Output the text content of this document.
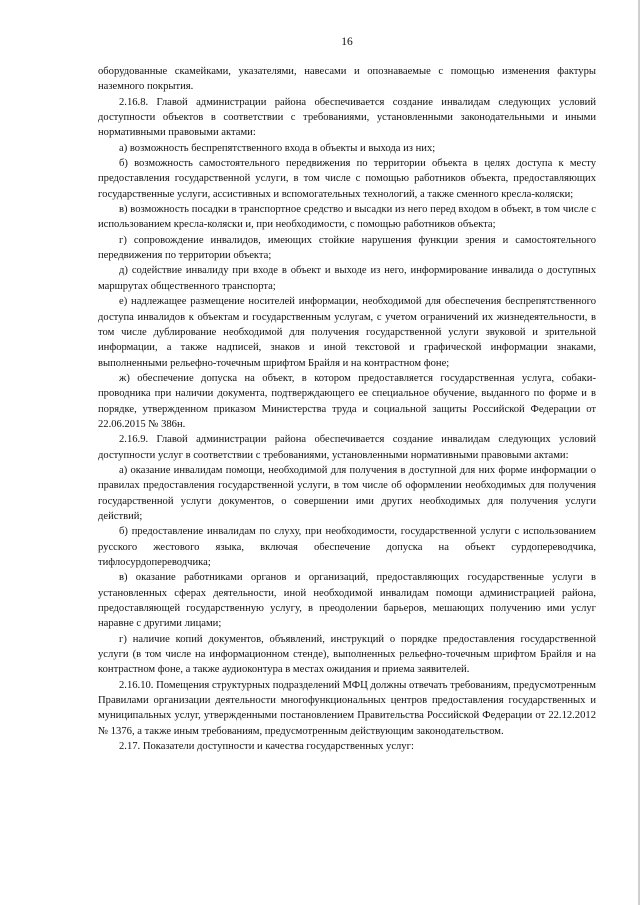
16

оборудованные скамейками, указателями, навесами и опознаваемые с помощью изменения фактуры наземного покрытия.

2.16.8. Главой администрации района обеспечивается создание инвалидам следующих условий доступности объектов в соответствии с требованиями, установленными законодательными и иными нормативными правовыми актами:

а) возможность беспрепятственного входа в объекты и выхода из них;

б) возможность самостоятельного передвижения по территории объекта в целях доступа к месту предоставления государственной услуги, в том числе с помощью работников объекта, предоставляющих государственные услуги, ассистивных и вспомогательных технологий, а также сменного кресла-коляски;

в) возможность посадки в транспортное средство и высадки из него перед входом в объект, в том числе с использованием кресла-коляски и, при необходимости, с помощью работников объекта;

г) сопровождение инвалидов, имеющих стойкие нарушения функции зрения и самостоятельного передвижения по территории объекта;

д) содействие инвалиду при входе в объект и выходе из него, информирование инвалида о доступных маршрутах общественного транспорта;

е) надлежащее размещение носителей информации, необходимой для обеспечения беспрепятственного доступа инвалидов к объектам и государственным услугам, с учетом ограничений их жизнедеятельности, в том числе дублирование необходимой для получения государственной услуги звуковой и зрительной информации, а также надписей, знаков и иной текстовой и графической информации знаками, выполненными рельефно-точечным шрифтом Брайля и на контрастном фоне;

ж) обеспечение допуска на объект, в котором предоставляется государственная услуга, собаки-проводника при наличии документа, подтверждающего ее специальное обучение, выданного по форме и в порядке, утвержденном приказом Министерства труда и социальной защиты Российской Федерации от 22.06.2015 № 386н.

2.16.9. Главой администрации района обеспечивается создание инвалидам следующих условий доступности услуг в соответствии с требованиями, установленными нормативными правовыми актами:

а) оказание инвалидам помощи, необходимой для получения в доступной для них форме информации о правилах предоставления государственной услуги, в том числе об оформлении необходимых для получения государственной услуги документов, о совершении ими других необходимых для получения услуги действий;

б) предоставление инвалидам по слуху, при необходимости, государственной услуги с использованием русского жестового языка, включая обеспечение допуска на объект сурдопереводчика, тифлосурдопереводчика;

в) оказание работниками органов и организаций, предоставляющих государственные услуги в установленных сферах деятельности, иной необходимой инвалидам помощи администрацией района, предоставляющей государственную услугу, в преодолении барьеров, мешающих получению ими услуг наравне с другими лицами;

г) наличие копий документов, объявлений, инструкций о порядке предоставления государственной услуги (в том числе на информационном стенде), выполненных рельефно-точечным шрифтом Брайля и на контрастном фоне, а также аудиоконтура в местах ожидания и приема заявителей.

2.16.10. Помещения структурных подразделений МФЦ должны отвечать требованиям, предусмотренным Правилами организации деятельности многофункциональных центров предоставления государственных и муниципальных услуг, утвержденными постановлением Правительства Российской Федерации от 22.12.2012 № 1376, а также иным требованиям, предусмотренным действующим законодательством.

2.17. Показатели доступности и качества государственных услуг:
